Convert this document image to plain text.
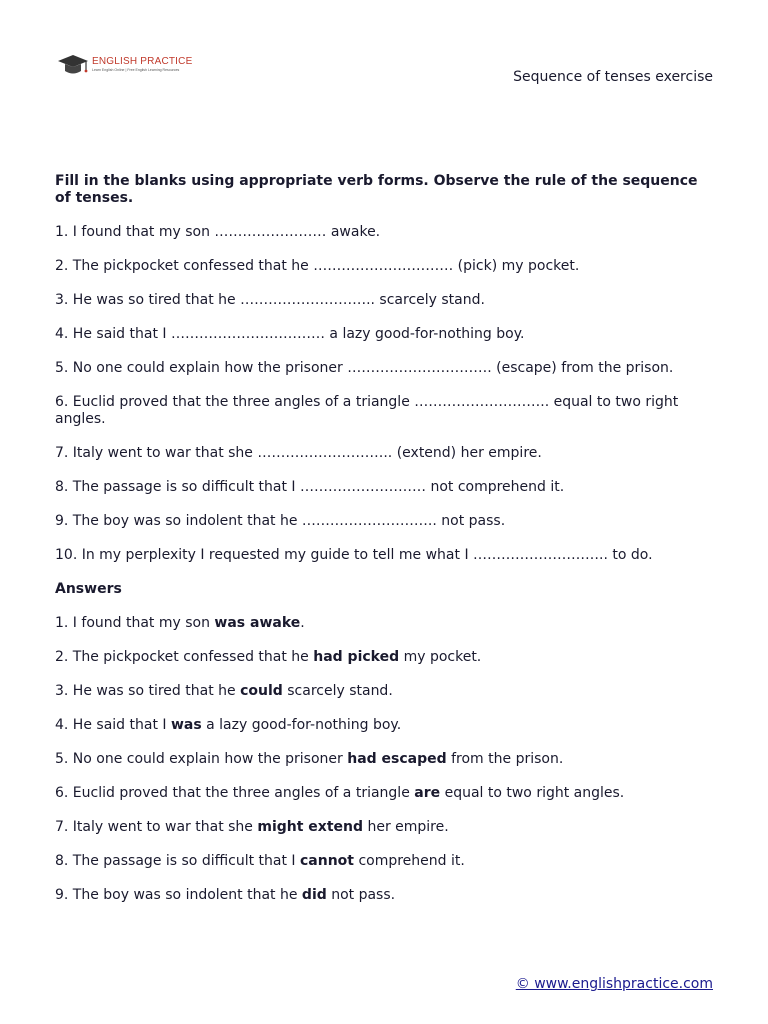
ENGLISH PRACTICE
Learn English Online | Free English Learning Resources	Sequence of tenses exercise

Fill in the blanks using appropriate verb forms. Observe the rule of the sequence of tenses.

1. I found that my son …………………… awake.

2. The pickpocket confessed that he ………………………… (pick) my pocket.

3. He was so tired that he ……………………….. scarcely stand.

4. He said that I …………………………… a lazy good-for-nothing boy.

5. No one could explain how the prisoner …………………………. (escape) from the prison.

6. Euclid proved that the three angles of a triangle ……………………….. equal to two right angles.

7. Italy went to war that she ……………………….. (extend) her empire.

8. The passage is so difficult that I ……………………… not comprehend it.

9. The boy was so indolent that he ……………………….. not pass.

10. In my perplexity I requested my guide to tell me what I ……………………….. to do.

Answers

1. I found that my son was awake.

2. The pickpocket confessed that he had picked my pocket.

3. He was so tired that he could scarcely stand.

4. He said that I was a lazy good-for-nothing boy.

5. No one could explain how the prisoner had escaped from the prison.

6. Euclid proved that the three angles of a triangle are equal to two right angles.

7. Italy went to war that she might extend her empire.

8. The passage is so difficult that I cannot comprehend it.

9. The boy was so indolent that he did not pass.

© www.englishpractice.com
